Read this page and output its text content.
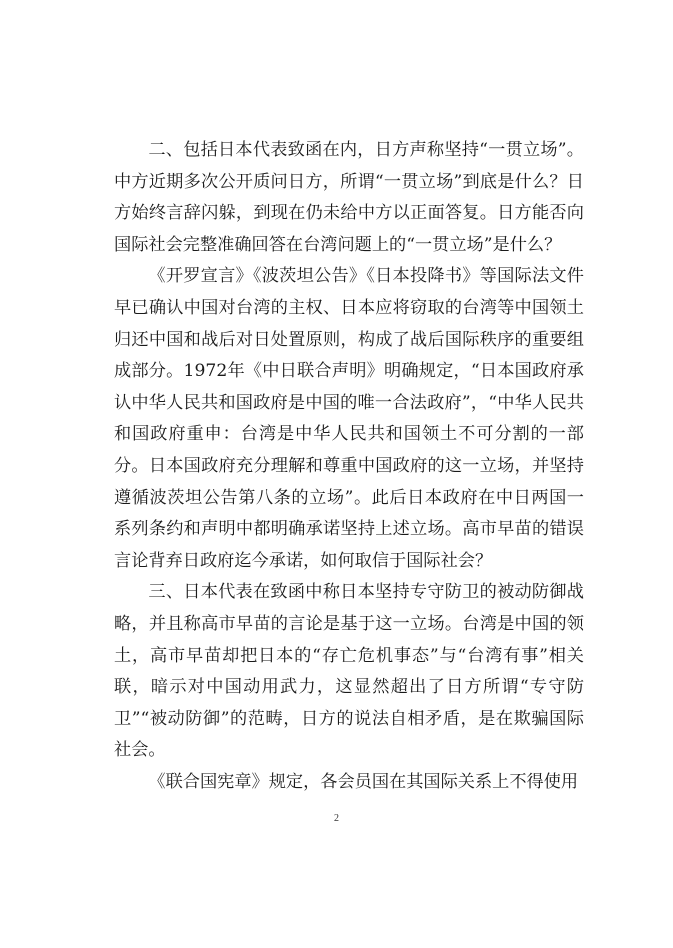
二、包括日本代表致函在内，日方声称坚持“一贯立场”。中方近期多次公开质问日方，所谓“一贯立场”到底是什么？日方始终言辞闪躲，到现在仍未给中方以正面答复。日方能否向国际社会完整准确回答在台湾问题上的“一贯立场”是什么？

《开罗宣言》《波茨坦公告》《日本投降书》等国际法文件早已确认中国对台湾的主权、日本应将窃取的台湾等中国领土归还中国和战后对日处置原则，构成了战后国际秩序的重要组成部分。1972年《中日联合声明》明确规定，“日本国政府承认中华人民共和国政府是中国的唯一合法政府”，“中华人民共和国政府重申：台湾是中华人民共和国领土不可分割的一部分。日本国政府充分理解和尊重中国政府的这一立场，并坚持遵循波茨坦公告第八条的立场”。此后日本政府在中日两国一系列条约和声明中都明确承诺坚持上述立场。高市早苗的错误言论背弃日政府迄今承诺，如何取信于国际社会？

三、日本代表在致函中称日本坚持专守防卫的被动防御战略，并且称高市早苗的言论是基于这一立场。台湾是中国的领土，高市早苗却把日本的“存亡危机事态”与“台湾有事”相关联，暗示对中国动用武力，这显然超出了日方所谓“专守防卫”“被动防御”的范畴，日方的说法自相矛盾，是在欺骗国际社会。

《联合国宪章》规定，各会员国在其国际关系上不得使用

2
